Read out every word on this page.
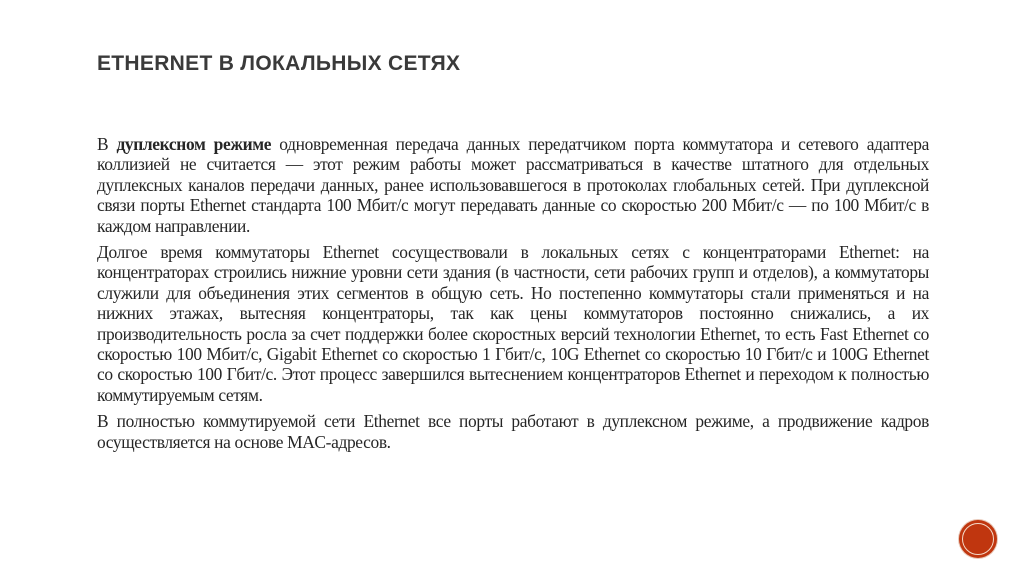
ETHERNET В ЛОКАЛЬНЫХ СЕТЯХ

В дуплексном режиме одновременная передача данных передатчиком порта коммутатора и сетевого адаптера коллизией не считается — этот режим работы может рассматриваться в качестве штатного для отдельных дуплексных каналов передачи данных, ранее использовавшегося в протоколах глобальных сетей. При дуплексной связи порты Ethernet стандарта 100 Мбит/с могут передавать данные со скоростью 200 Мбит/с — по 100 Мбит/с в каждом направлении.

Долгое время коммутаторы Ethernet сосуществовали в локальных сетях с концентраторами Ethernet: на концентраторах строились нижние уровни сети здания (в частности, сети рабочих групп и отделов), а коммутаторы служили для объединения этих сегментов в общую сеть. Но постепенно коммутаторы стали применяться и на нижних этажах, вытесняя концентраторы, так как цены коммутаторов постоянно снижались, а их производительность росла за счет поддержки более скоростных версий технологии Ethernet, то есть Fast Ethernet со скоростью 100 Мбит/с, Gigabit Ethernet со скоростью 1 Гбит/с, 10G Ethernet со скоростью 10 Гбит/с и 100G Ethernet со скоростью 100 Гбит/с. Этот процесс завершился вытеснением концентраторов Ethernet и переходом к полностью коммутируемым сетям.

В полностью коммутируемой сети Ethernet все порты работают в дуплексном режиме, а продвижение кадров осуществляется на основе MAC-адресов.
